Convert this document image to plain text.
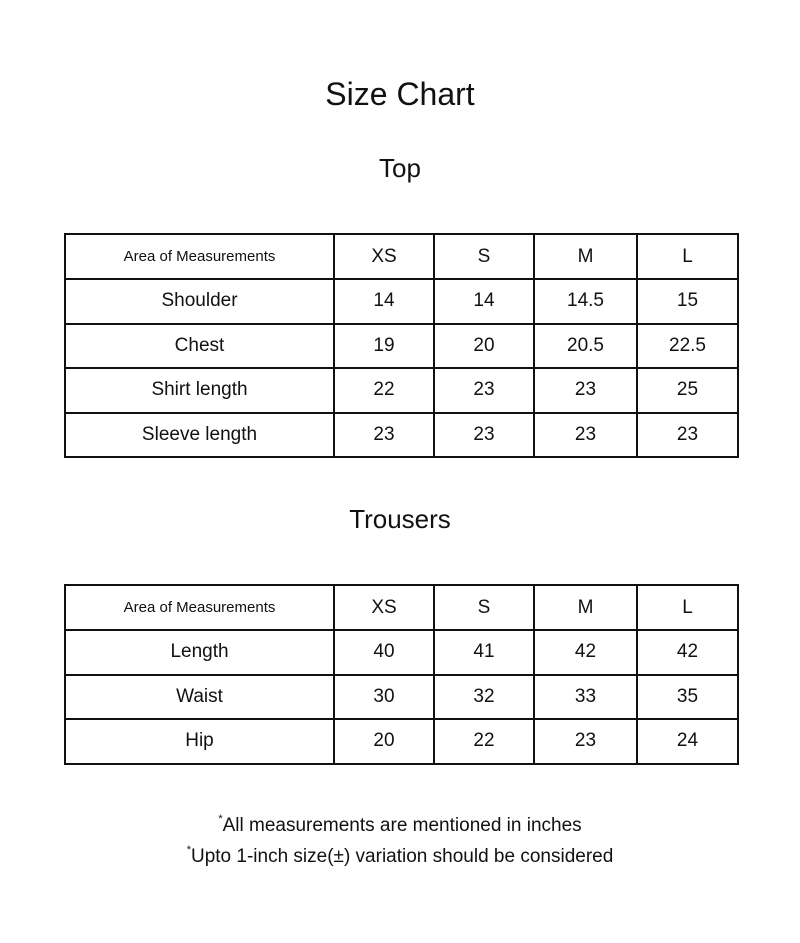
Size Chart
Top
Area of Measurements	XS	S	M	L
Shoulder	14	14	14.5	15
Chest	19	20	20.5	22.5
Shirt length	22	23	23	25
Sleeve length	23	23	23	23
Trousers
Area of Measurements	XS	S	M	L
Length	40	41	42	42
Waist	30	32	33	35
Hip	20	22	23	24

*All measurements are mentioned in inches

*Upto 1-inch size(±) variation should be considered
